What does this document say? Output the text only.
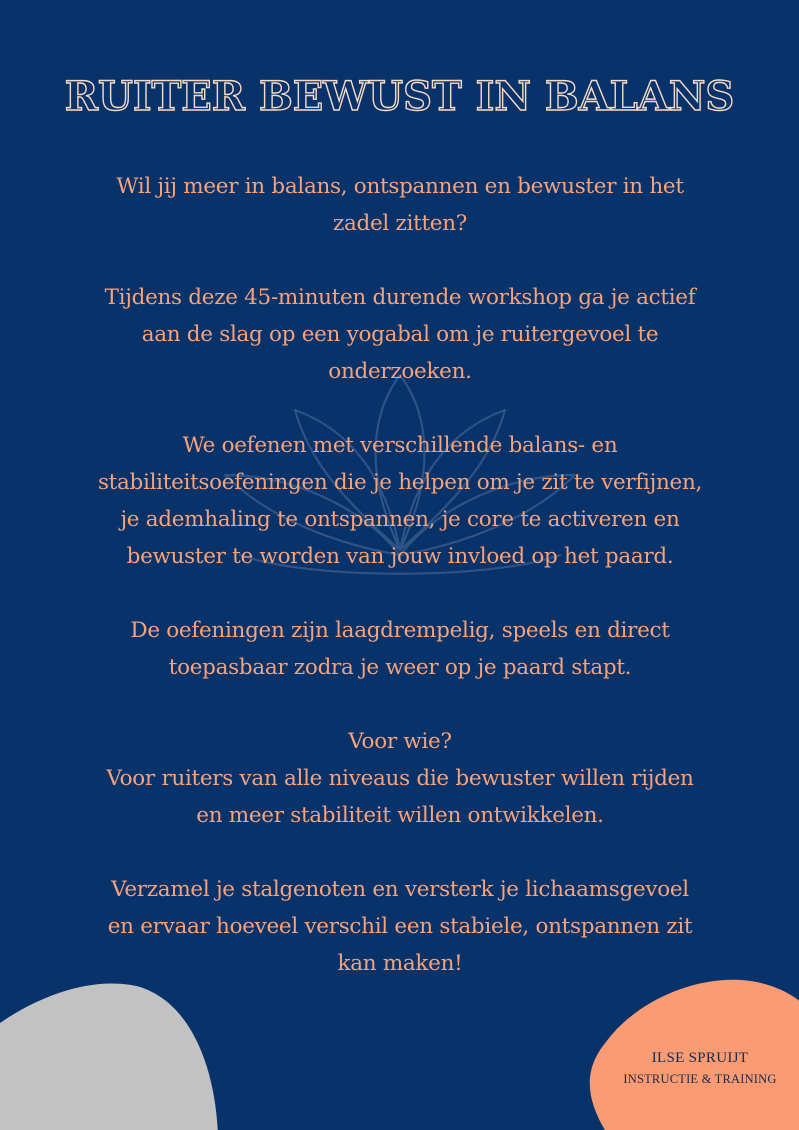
RUITER BEWUST IN BALANS

Wil jij meer in balans, ontspannen en bewuster in het

zadel zitten?

Tijdens deze 45-minuten durende workshop ga je actief

aan de slag op een yogabal om je ruitergevoel te

onderzoeken.

We oefenen met verschillende balans- en

stabiliteitsoefeningen die je helpen om je zit te verfijnen,

je ademhaling te ontspannen, je core te activeren en

bewuster te worden van jouw invloed op het paard.

De oefeningen zijn laagdrempelig, speels en direct

toepasbaar zodra je weer op je paard stapt.

Voor wie?

Voor ruiters van alle niveaus die bewuster willen rijden

en meer stabiliteit willen ontwikkelen.

Verzamel je stalgenoten en versterk je lichaamsgevoel

en ervaar hoeveel verschil een stabiele, ontspannen zit

kan maken!

ILSE SPRUIJT
INSTRUCTIE & TRAINING
